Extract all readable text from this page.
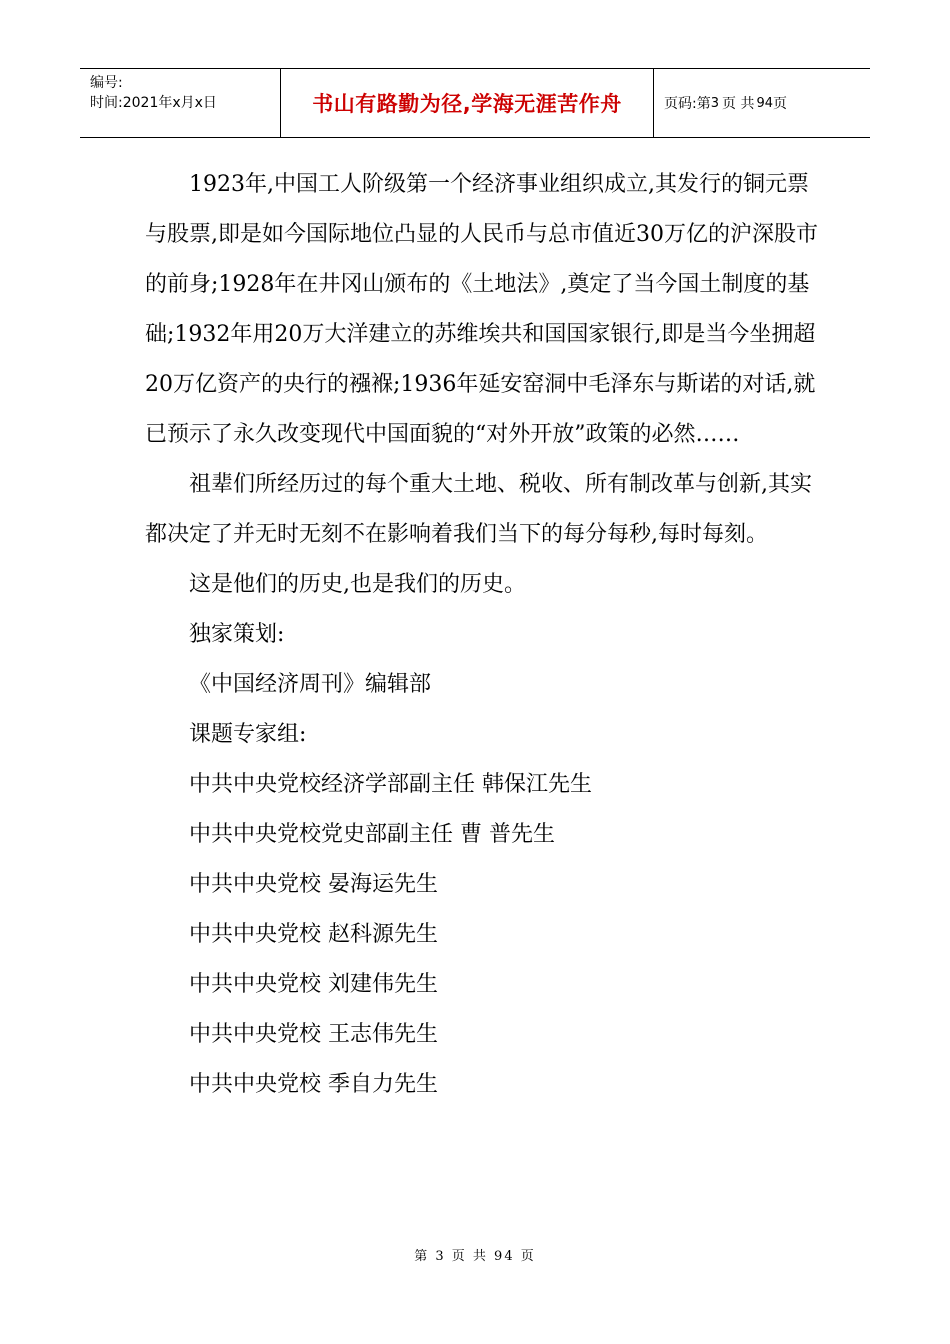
编号:
时间:2021年x月x日	书山有路勤为径,学海无涯苦作舟	页码:第 3 页 共 94 页

1923年,中国工人阶级第一个经济事业组织成立,其发行的铜元票与股票,即是如今国际地位凸显的人民币与总市值近30万亿的沪深股市的前身;1928年在井冈山颁布的《土地法》,奠定了当今国土制度的基础;1932年用20万大洋建立的苏维埃共和国国家银行,即是当今坐拥超20万亿资产的央行的襁褓;1936年延安窑洞中毛泽东与斯诺的对话,就已预示了永久改变现代中国面貌的“对外开放”政策的必然……

祖辈们所经历过的每个重大土地、税收、所有制改革与创新,其实都决定了并无时无刻不在影响着我们当下的每分每秒,每时每刻。

这是他们的历史,也是我们的历史。

独家策划:

《中国经济周刊》编辑部

课题专家组:

中共中央党校经济学部副主任 韩保江先生

中共中央党校党史部副主任 曹 普先生

中共中央党校 晏海运先生

中共中央党校 赵科源先生

中共中央党校 刘建伟先生

中共中央党校 王志伟先生

中共中央党校 季自力先生

第 3 页 共 94 页
